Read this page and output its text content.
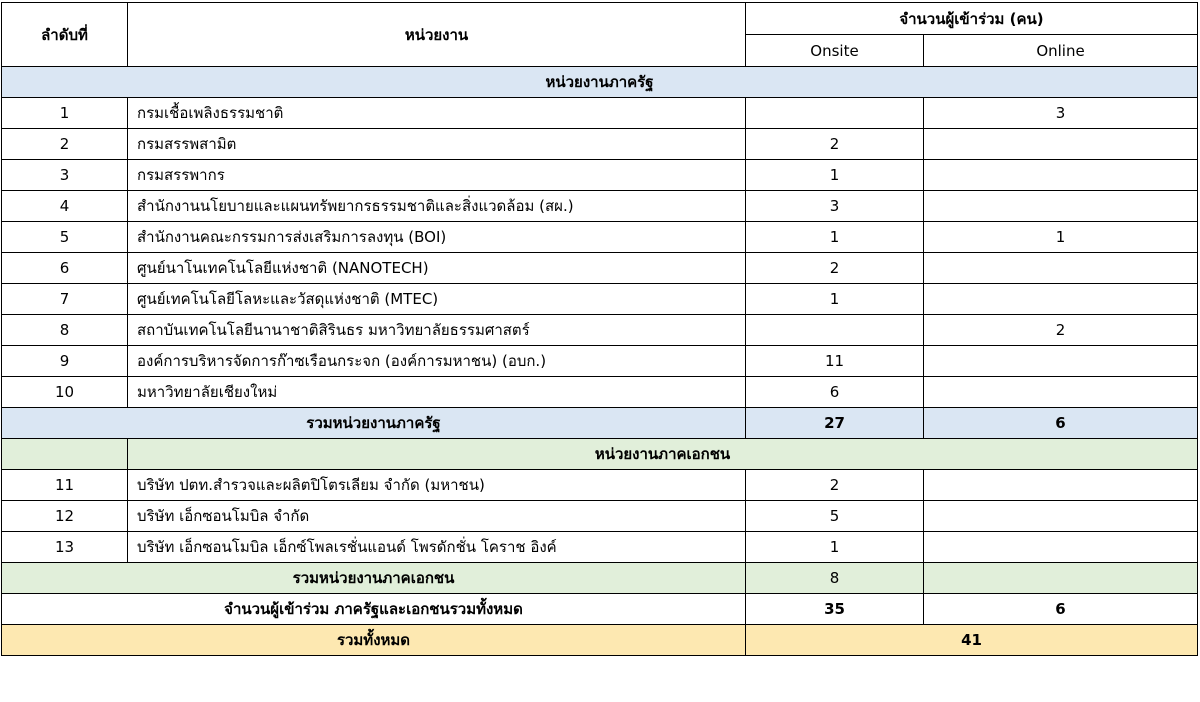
ลำดับที่	หน่วยงาน	จำนวนผู้เข้าร่วม (คน)	
		Onsite	Online
หน่วยงานภาครัฐ			
1	กรมเชื้อเพลิงธรรมชาติ		3
2	กรมสรรพสามิต	2	
3	กรมสรรพากร	1	
4	สำนักงานนโยบายและแผนทรัพยากรธรรมชาติและสิ่งแวดล้อม (สผ.)	3	
5	สำนักงานคณะกรรมการส่งเสริมการลงทุน (BOI)	1	1
6	ศูนย์นาโนเทคโนโลยีแห่งชาติ (NANOTECH)	2	
7	ศูนย์เทคโนโลยีโลหะและวัสดุแห่งชาติ (MTEC)	1	
8	สถาบันเทคโนโลยีนานาชาติสิรินธร มหาวิทยาลัยธรรมศาสตร์		2
9	องค์การบริหารจัดการก๊าซเรือนกระจก (องค์การมหาชน) (อบก.)	11	
10	มหาวิทยาลัยเชียงใหม่	6	
รวมหน่วยงานภาครัฐ		27	6
	หน่วยงานภาคเอกชน		
11	บริษัท ปตท.สำรวจและผลิตปิโตรเลียม จำกัด (มหาชน)	2	
12	บริษัท เอ็กซอนโมบิล จำกัด	5	
13	บริษัท เอ็กซอนโมบิล เอ็กซ์โพลเรชั่นแอนด์ โพรดักชั่น โคราช อิงค์	1	
รวมหน่วยงานภาคเอกชน		8	
จำนวนผู้เข้าร่วม ภาครัฐและเอกชนรวมทั้งหมด		35	6
รวมทั้งหมด		41	
